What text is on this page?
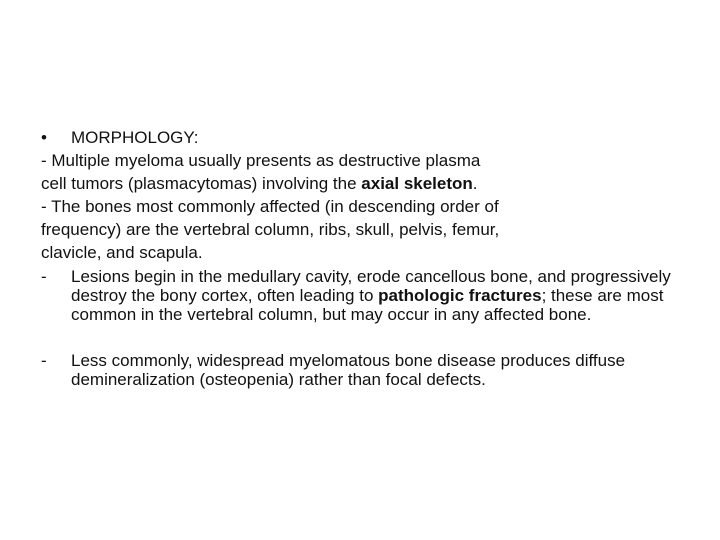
• MORPHOLOGY:

- Multiple myeloma usually presents as destructive plasma

cell tumors (plasmacytomas) involving the axial skeleton.

- The bones most commonly affected (in descending order of

frequency) are the vertebral column, ribs, skull, pelvis, femur,

clavicle, and scapula.

-	Lesions begin in the medullary cavity, erode cancellous bone, and progressively destroy the bony cortex, often leading to pathologic fractures; these are most common in the vertebral column, but may occur in any affected bone.
-	Less commonly, widespread myelomatous bone disease produces diffuse demineralization (osteopenia) rather than focal defects.
